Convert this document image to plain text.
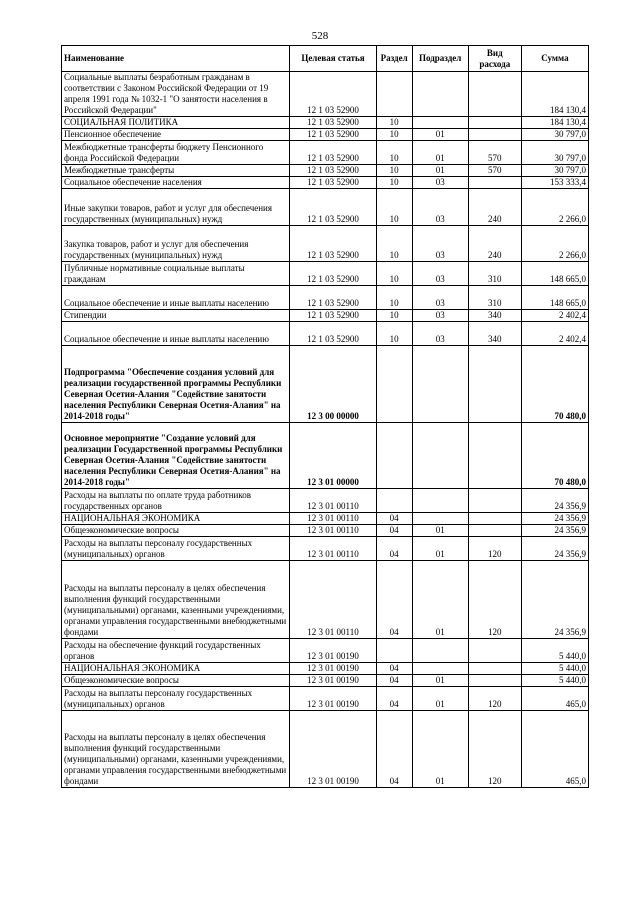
528
Наименование	Целевая статья	Раздел	Подраздел	Вид расхода	Сумма
Социальные выплаты безработным гражданам в соответствии с Законом Российской Федерации от 19 апреля 1991 года № 1032-1 "О занятости населения в Российской Федерации"	12 1 03 52900				184 130,4
СОЦИАЛЬНАЯ ПОЛИТИКА	12 1 03 52900	10			184 130,4
Пенсионное обеспечение	12 1 03 52900	10	01		30 797,0
Межбюджетные трансферты бюджету Пенсионного фонда Российской Федерации	12 1 03 52900	10	01	570	30 797,0
Межбюджетные трансферты	12 1 03 52900	10	01	570	30 797,0
Социальное обеспечение населения	12 1 03 52900	10	03		153 333,4
Иные закупки товаров, работ и услуг для обеспечения государственных (муниципальных) нужд	12 1 03 52900	10	03	240	2 266,0
Закупка товаров, работ и услуг для обеспечения государственных (муниципальных) нужд	12 1 03 52900	10	03	240	2 266,0
Публичные нормативные социальные выплаты гражданам	12 1 03 52900	10	03	310	148 665,0
Социальное обеспечение и иные выплаты населению	12 1 03 52900	10	03	310	148 665,0
Стипендии	12 1 03 52900	10	03	340	2 402,4
Социальное обеспечение и иные выплаты населению	12 1 03 52900	10	03	340	2 402,4
Подпрограмма "Обеспечение создания условий для реализации государственной программы Республики Северная Осетия-Алания "Содействие занятости населения Республики Северная Осетия-Алания" на 2014-2018 годы"	12 3 00 00000				70 480,0
Основное мероприятие "Создание условий для реализации Государственной программы Республики Северная Осетия-Алания "Содействие занятости населения Республики Северная Осетия-Алания" на 2014-2018 годы"	12 3 01 00000				70 480,0
Расходы на выплаты по оплате труда работников государственных органов	12 3 01 00110				24 356,9
НАЦИОНАЛЬНАЯ ЭКОНОМИКА	12 3 01 00110	04			24 356,9
Общеэкономические вопросы	12 3 01 00110	04	01		24 356,9
Расходы на выплаты персоналу государственных (муниципальных) органов	12 3 01 00110	04	01	120	24 356,9
Расходы на выплаты персоналу в целях обеспечения выполнения функций государственными (муниципальными) органами, казенными учреждениями, органами управления государственными внебюджетными фондами	12 3 01 00110	04	01	120	24 356,9
Расходы на обеспечение функций государственных органов	12 3 01 00190				5 440,0
НАЦИОНАЛЬНАЯ ЭКОНОМИКА	12 3 01 00190	04			5 440,0
Общеэкономические вопросы	12 3 01 00190	04	01		5 440,0
Расходы на выплаты персоналу государственных (муниципальных) органов	12 3 01 00190	04	01	120	465,0
Расходы на выплаты персоналу в целях обеспечения выполнения функций государственными (муниципальными) органами, казенными учреждениями, органами управления государственными внебюджетными фондами	12 3 01 00190	04	01	120	465,0
